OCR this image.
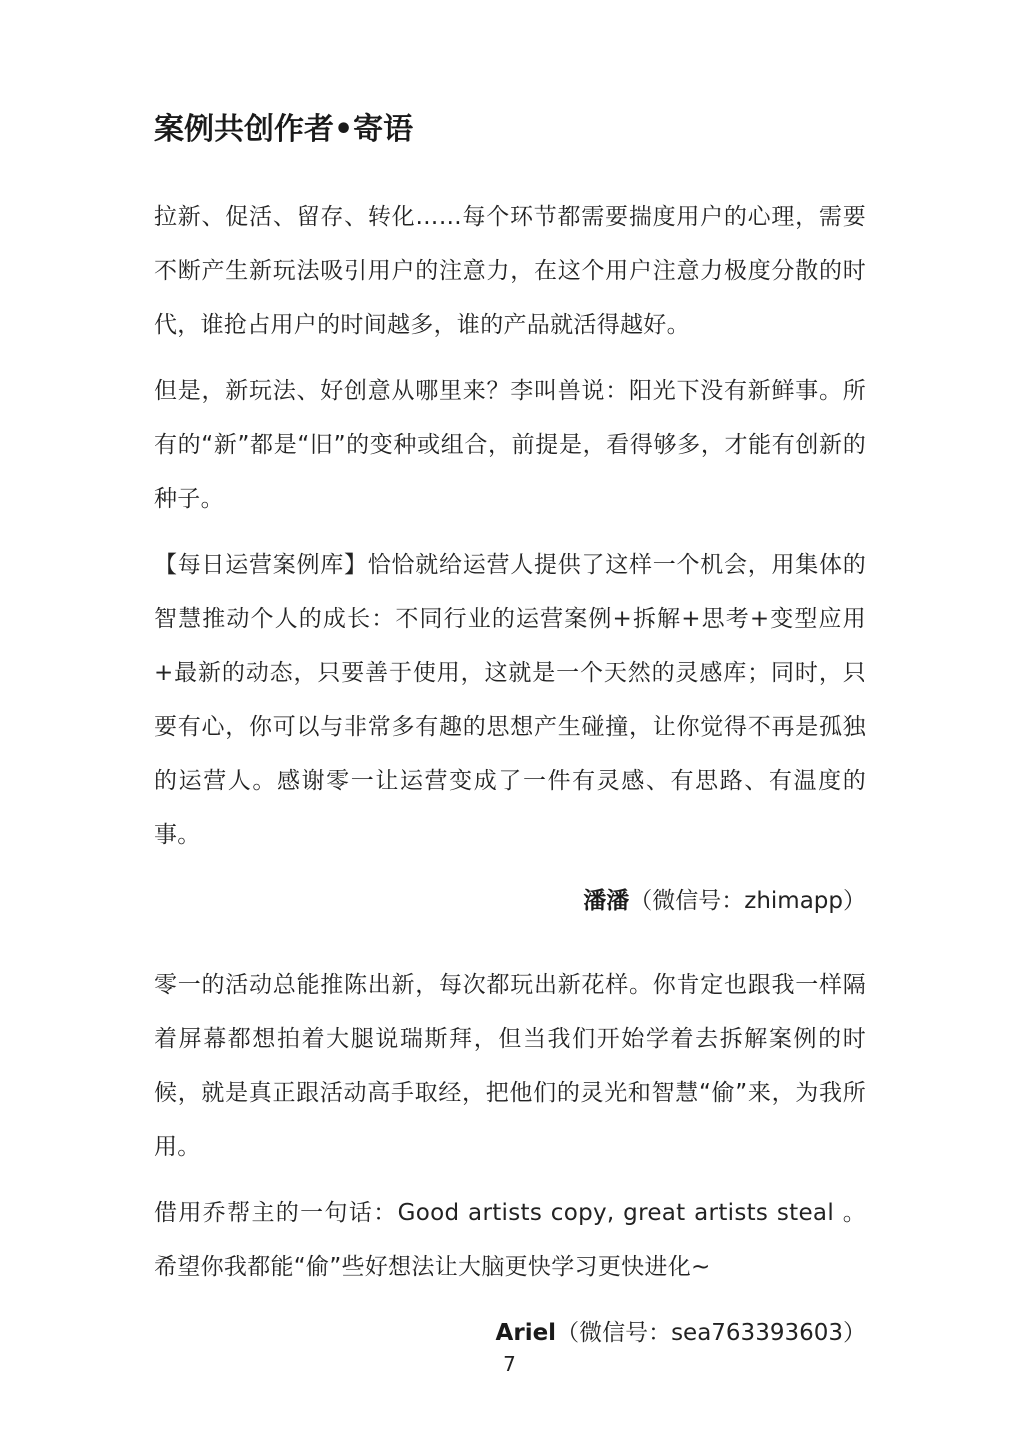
案例共创作者•寄语

拉新、促活、留存、转化……每个环节都需要揣度用户的心理，需要不断产生新玩法吸引用户的注意力，在这个用户注意力极度分散的时代，谁抢占用户的时间越多，谁的产品就活得越好。

但是，新玩法、好创意从哪里来？李叫兽说：阳光下没有新鲜事。所有的“新”都是“旧”的变种或组合，前提是，看得够多，才能有创新的种子。

【每日运营案例库】恰恰就给运营人提供了这样一个机会，用集体的智慧推动个人的成长：不同行业的运营案例+拆解+思考+变型应用+最新的动态，只要善于使用，这就是一个天然的灵感库；同时，只要有心，你可以与非常多有趣的思想产生碰撞，让你觉得不再是孤独的运营人。感谢零一让运营变成了一件有灵感、有思路、有温度的事。

潘潘（微信号：zhimapp）

零一的活动总能推陈出新，每次都玩出新花样。你肯定也跟我一样隔着屏幕都想拍着大腿说瑞斯拜，但当我们开始学着去拆解案例的时候，就是真正跟活动高手取经，把他们的灵光和智慧“偷”来，为我所用。

借用乔帮主的一句话：Good artists copy, great artists steal 。希望你我都能“偷”些好想法让大脑更快学习更快进化~

Ariel（微信号：sea763393603）
7
